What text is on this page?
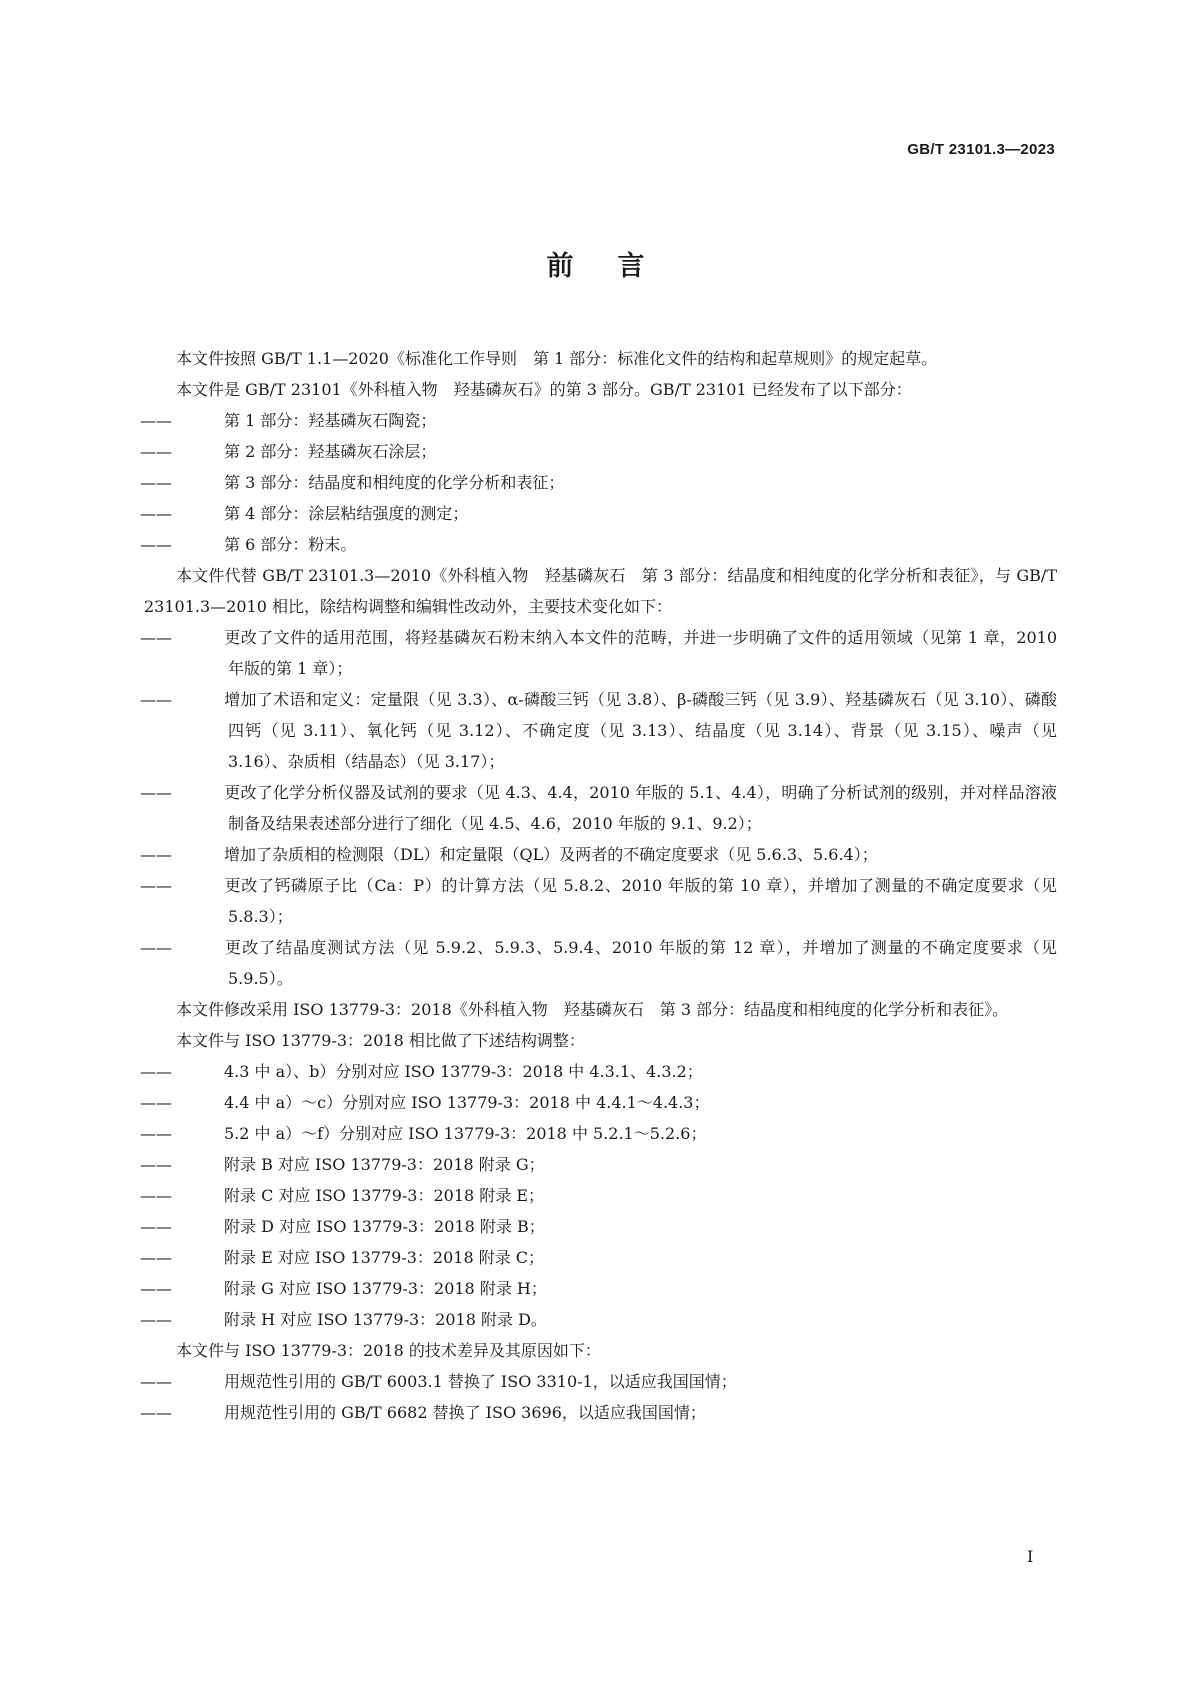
GB/T 23101.3—2023
前言

本文件按照 GB/T 1.1—2020《标准化工作导则　第 1 部分：标准化文件的结构和起草规则》的规定起草。

本文件是 GB/T 23101《外科植入物　羟基磷灰石》的第 3 部分。GB/T 23101 已经发布了以下部分：

——	第 1 部分：羟基磷灰石陶瓷；

——	第 2 部分：羟基磷灰石涂层；

——	第 3 部分：结晶度和相纯度的化学分析和表征；

——	第 4 部分：涂层粘结强度的测定；

——	第 6 部分：粉末。

本文件代替 GB/T 23101.3—2010《外科植入物　羟基磷灰石　第 3 部分：结晶度和相纯度的化学分析和表征》，与 GB/T 23101.3—2010 相比，除结构调整和编辑性改动外，主要技术变化如下：

——	更改了文件的适用范围，将羟基磷灰石粉末纳入本文件的范畴，并进一步明确了文件的适用领域（见第 1 章，2010 年版的第 1 章）；

——	增加了术语和定义：定量限（见 3.3）、α-磷酸三钙（见 3.8）、β-磷酸三钙（见 3.9）、羟基磷灰石（见 3.10）、磷酸四钙（见 3.11）、氧化钙（见 3.12）、不确定度（见 3.13）、结晶度（见 3.14）、背景（见 3.15）、噪声（见 3.16）、杂质相（结晶态）（见 3.17）；

——	更改了化学分析仪器及试剂的要求（见 4.3、4.4，2010 年版的 5.1、4.4），明确了分析试剂的级别，并对样品溶液制备及结果表述部分进行了细化（见 4.5、4.6，2010 年版的 9.1、9.2）；

——	增加了杂质相的检测限（DL）和定量限（QL）及两者的不确定度要求（见 5.6.3、5.6.4）；

——	更改了钙磷原子比（Ca：P）的计算方法（见 5.8.2、2010 年版的第 10 章），并增加了测量的不确定度要求（见 5.8.3）；

——	更改了结晶度测试方法（见 5.9.2、5.9.3、5.9.4、2010 年版的第 12 章），并增加了测量的不确定度要求（见 5.9.5）。

本文件修改采用 ISO 13779-3：2018《外科植入物　羟基磷灰石　第 3 部分：结晶度和相纯度的化学分析和表征》。

本文件与 ISO 13779-3：2018 相比做了下述结构调整：

——	4.3 中 a）、b）分别对应 ISO 13779-3：2018 中 4.3.1、4.3.2；

——	4.4 中 a）～c）分别对应 ISO 13779-3：2018 中 4.4.1～4.4.3；

——	5.2 中 a）～f）分别对应 ISO 13779-3：2018 中 5.2.1～5.2.6；

——	附录 B 对应 ISO 13779-3：2018 附录 G；

——	附录 C 对应 ISO 13779-3：2018 附录 E；

——	附录 D 对应 ISO 13779-3：2018 附录 B；

——	附录 E 对应 ISO 13779-3：2018 附录 C；

——	附录 G 对应 ISO 13779-3：2018 附录 H；

——	附录 H 对应 ISO 13779-3：2018 附录 D。

本文件与 ISO 13779-3：2018 的技术差异及其原因如下：

——	用规范性引用的 GB/T 6003.1 替换了 ISO 3310-1，以适应我国国情；

——	用规范性引用的 GB/T 6682 替换了 ISO 3696，以适应我国国情；

Ⅰ
